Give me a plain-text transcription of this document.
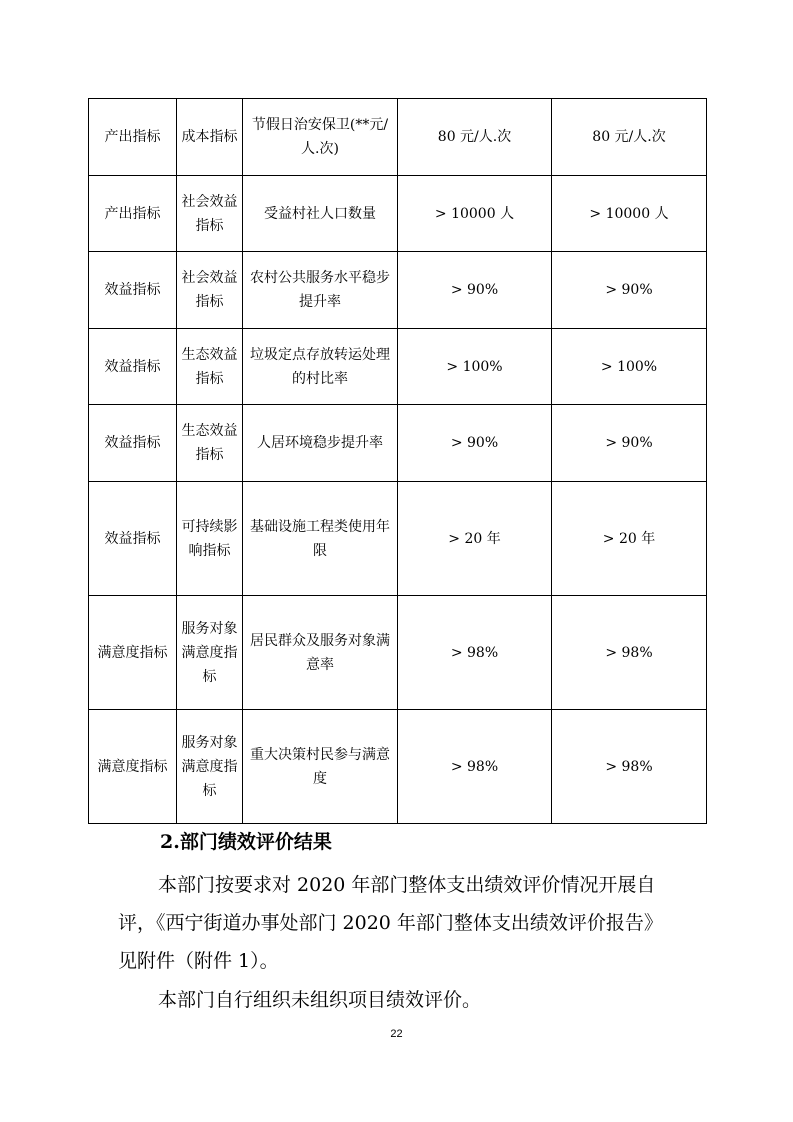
产出指标	成本指标	节假日治安保卫(**元/人.次)	80 元/人.次	80 元/人.次
产出指标	社会效益指标	受益村社人口数量	> 10000 人	> 10000 人
效益指标	社会效益指标	农村公共服务水平稳步提升率	> 90%	> 90%
效益指标	生态效益指标	垃圾定点存放转运处理的村比率	> 100%	> 100%
效益指标	生态效益指标	人居环境稳步提升率	> 90%	> 90%
效益指标	可持续影响指标	基础设施工程类使用年限	> 20 年	> 20 年
满意度指标	服务对象满意度指标	居民群众及服务对象满意率	> 98%	> 98%
满意度指标	服务对象满意度指标	重大决策村民参与满意度	> 98%	> 98%
2.部门绩效评价结果

本部门按要求对 2020 年部门整体支出绩效评价情况开展自评，《西宁街道办事处部门 2020 年部门整体支出绩效评价报告》见附件（附件 1）。

本部门自行组织未组织项目绩效评价。

22
